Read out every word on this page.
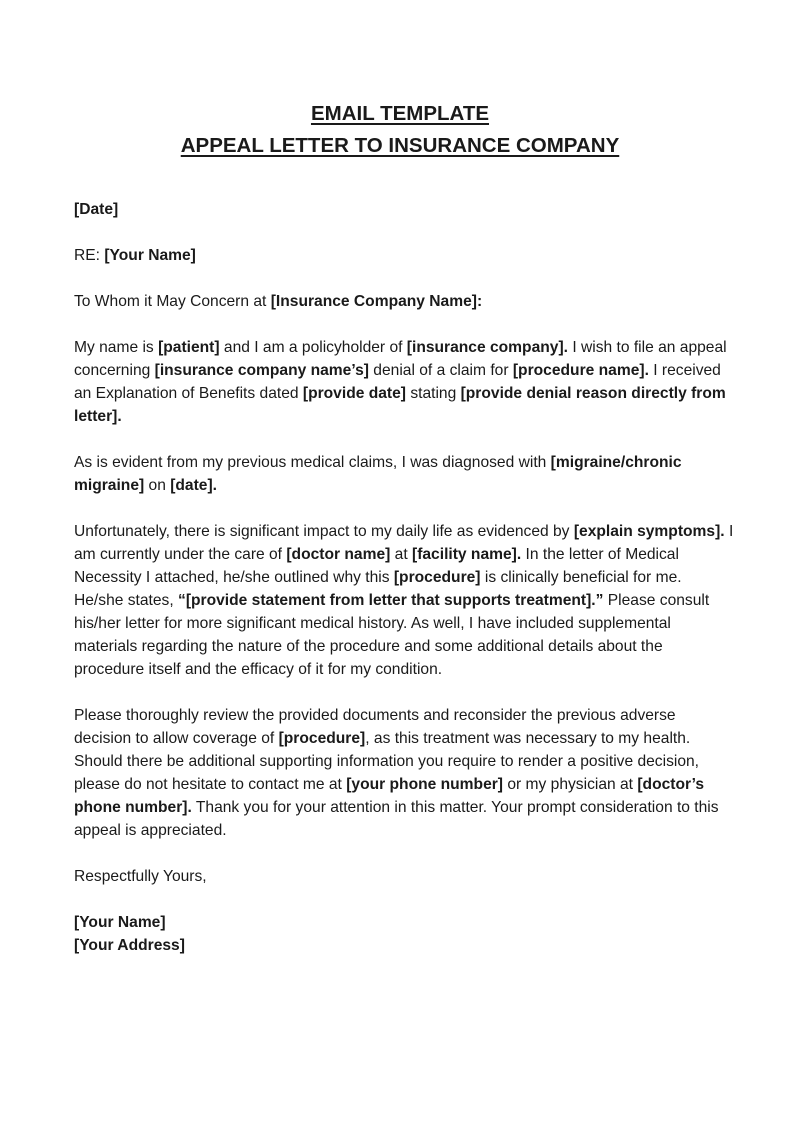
EMAIL TEMPLATE

APPEAL LETTER TO INSURANCE COMPANY

[Date]

RE: [Your Name]

To Whom it May Concern at [Insurance Company Name]:

My name is [patient] and I am a policyholder of [insurance company]. I wish to file an appeal concerning [insurance company name’s] denial of a claim for [procedure name]. I received an Explanation of Benefits dated [provide date] stating [provide denial reason directly from letter].

As is evident from my previous medical claims, I was diagnosed with [migraine/chronic migraine] on [date].

Unfortunately, there is significant impact to my daily life as evidenced by [explain symptoms]. I am currently under the care of [doctor name] at [facility name]. In the letter of Medical Necessity I attached, he/she outlined why this [procedure] is clinically beneficial for me. He/she states, “[provide statement from letter that supports treatment].” Please consult his/her letter for more significant medical history. As well, I have included supplemental materials regarding the nature of the procedure and some additional details about the procedure itself and the efficacy of it for my condition.

Please thoroughly review the provided documents and reconsider the previous adverse decision to allow coverage of [procedure], as this treatment was necessary to my health. Should there be additional supporting information you require to render a positive decision, please do not hesitate to contact me at [your phone number] or my physician at [doctor’s phone number]. Thank you for your attention in this matter. Your prompt consideration to this appeal is appreciated.

Respectfully Yours,

[Your Name]

[Your Address]
